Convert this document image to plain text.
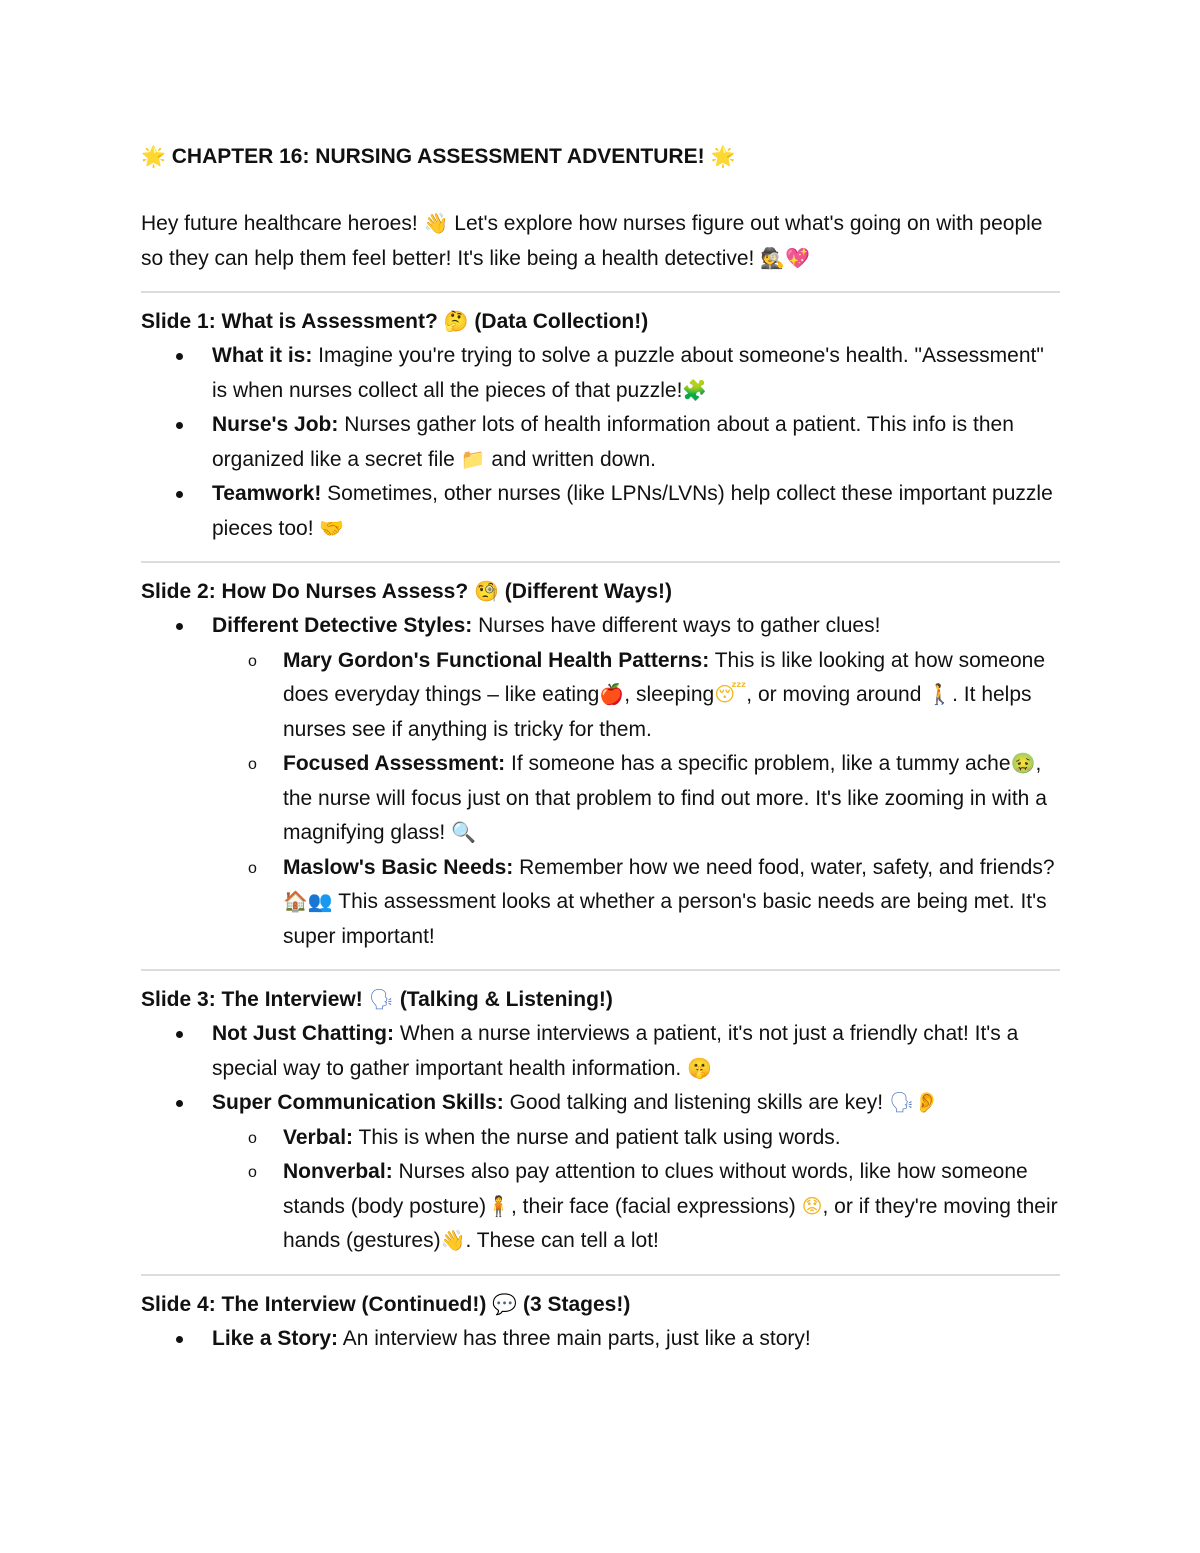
🌟 CHAPTER 16: NURSING ASSESSMENT ADVENTURE! 🌟

Hey future healthcare heroes! 👋 Let's explore how nurses figure out what's going on with people so they can help them feel better! It's like being a health detective! 🕵💖

Slide 1: What is Assessment? 🤔 (Data Collection!)
What it is: Imagine you're trying to solve a puzzle about someone's health. "Assessment" is when nurses collect all the pieces of that puzzle!🧩
Nurse's Job: Nurses gather lots of health information about a patient. This info is then organized like a secret file 📁 and written down.
Teamwork! Sometimes, other nurses (like LPNs/LVNs) help collect these important puzzle pieces too! 🤝
Slide 2: How Do Nurses Assess? 🧐 (Different Ways!)
Different Detective Styles: Nurses have different ways to gather clues!
o Mary Gordon's Functional Health Patterns: This is like looking at how someone does everyday things – like eating🍎, sleeping😴, or moving around 🚶. It helps nurses see if anything is tricky for them.
o Focused Assessment: If someone has a specific problem, like a tummy ache🤢, the nurse will focus just on that problem to find out more. It's like zooming in with a magnifying glass! 🔍
o Maslow's Basic Needs: Remember how we need food, water, safety, and friends? 🏠👥 This assessment looks at whether a person's basic needs are being met. It's super important!
Slide 3: The Interview! 🗣 (Talking & Listening!)
Not Just Chatting: When a nurse interviews a patient, it's not just a friendly chat! It's a special way to gather important health information. 🤫
Super Communication Skills: Good talking and listening skills are key! 🗣👂
o Verbal: This is when the nurse and patient talk using words.
o Nonverbal: Nurses also pay attention to clues without words, like how someone stands (body posture)🧍, their face (facial expressions) 😟, or if they're moving their hands (gestures)👋. These can tell a lot!
Slide 4: The Interview (Continued!) 💬 (3 Stages!)
Like a Story: An interview has three main parts, just like a story!
